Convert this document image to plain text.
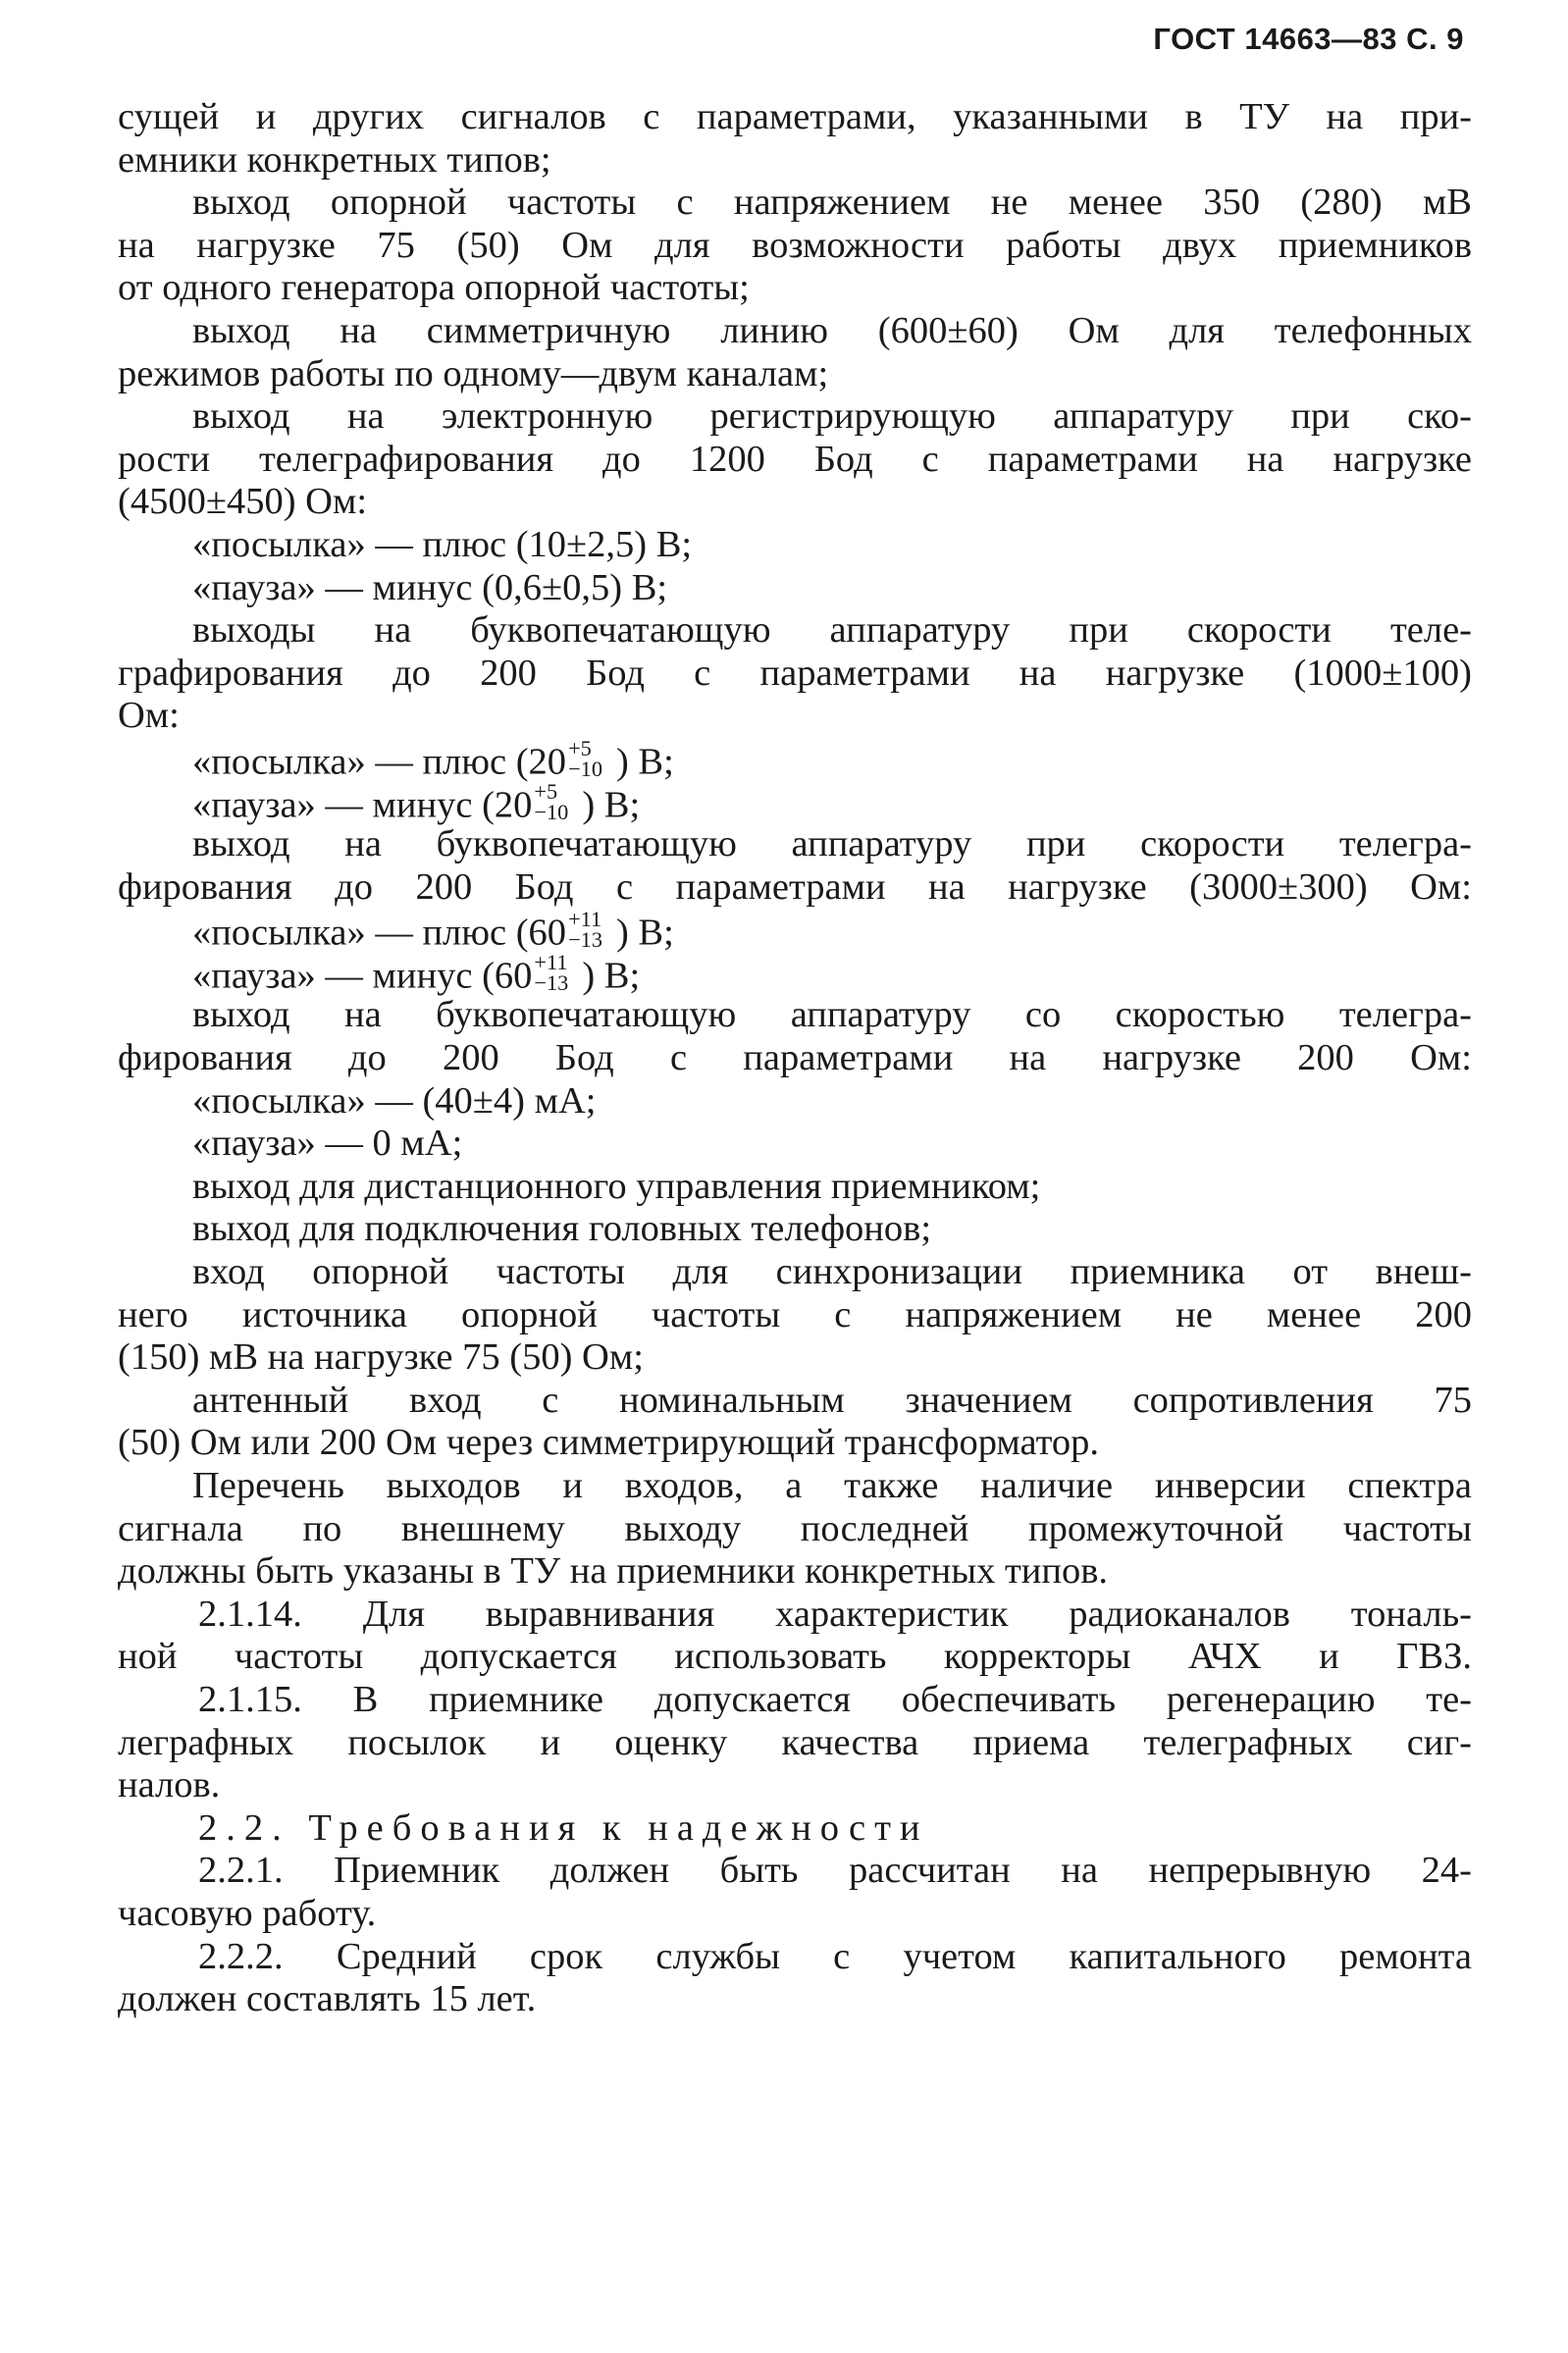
ГОСТ 14663—83 С. 9
сущей и других сигналов с параметрами, указанными в ТУ на при-
емники конкретных типов;
выход опорной частоты с напряжением не менее 350 (280) мВ
на нагрузке 75 (50) Ом для возможности работы двух приемников
от одного генератора опорной частоты;
выход на симметричную линию (600±60) Ом для телефонных
режимов работы по одному—двум каналам;
выход на электронную регистрирующую аппаратуру при ско-
рости телеграфирования до 1200 Бод с параметрами на нагрузке
(4500±450) Ом:
«посылка» — плюс (10±2,5) В;
«пауза» — минус (0,6±0,5) В;
выходы на буквопечатающую аппаратуру при скорости теле-
графирования до 200 Бод с параметрами на нагрузке (1000±100)
Ом:
«посылка» — плюс (20 +5
−10 ) В;
«пауза» — минус (20 +5
−10 ) В;
выход на буквопечатающую аппаратуру при скорости телегра-
фирования до 200 Бод с параметрами на нагрузке (3000±300) Ом:
«посылка» — плюс (60 +11
−13 ) В;
«пауза» — минус (60 +11
−13 ) В;
выход на буквопечатающую аппаратуру со скоростью телегра-
фирования до 200 Бод с параметрами на нагрузке 200 Ом:
«посылка» — (40±4) мА;
«пауза» — 0 мА;
выход для дистанционного управления приемником;
выход для подключения головных телефонов;
вход опорной частоты для синхронизации приемника от внеш-
него источника опорной частоты с напряжением не менее 200
(150) мВ на нагрузке 75 (50) Ом;
антенный вход с номинальным значением сопротивления 75
(50) Ом или 200 Ом через симметрирующий трансформатор.
Перечень выходов и входов, а также наличие инверсии спектра
сигнала по внешнему выходу последней промежуточной частоты
должны быть указаны в ТУ на приемники конкретных типов.
2.1.14. Для выравнивания характеристик радиоканалов тональ-
ной частоты допускается использовать корректоры АЧХ и ГВЗ.
2.1.15. В приемнике допускается обеспечивать регенерацию те-
леграфных посылок и оценку качества приема телеграфных сиг-
налов.
2.2. Требования к надежности
2.2.1. Приемник должен быть рассчитан на непрерывную 24-
часовую работу.
2.2.2. Средний срок службы с учетом капитального ремонта
должен составлять 15 лет.
